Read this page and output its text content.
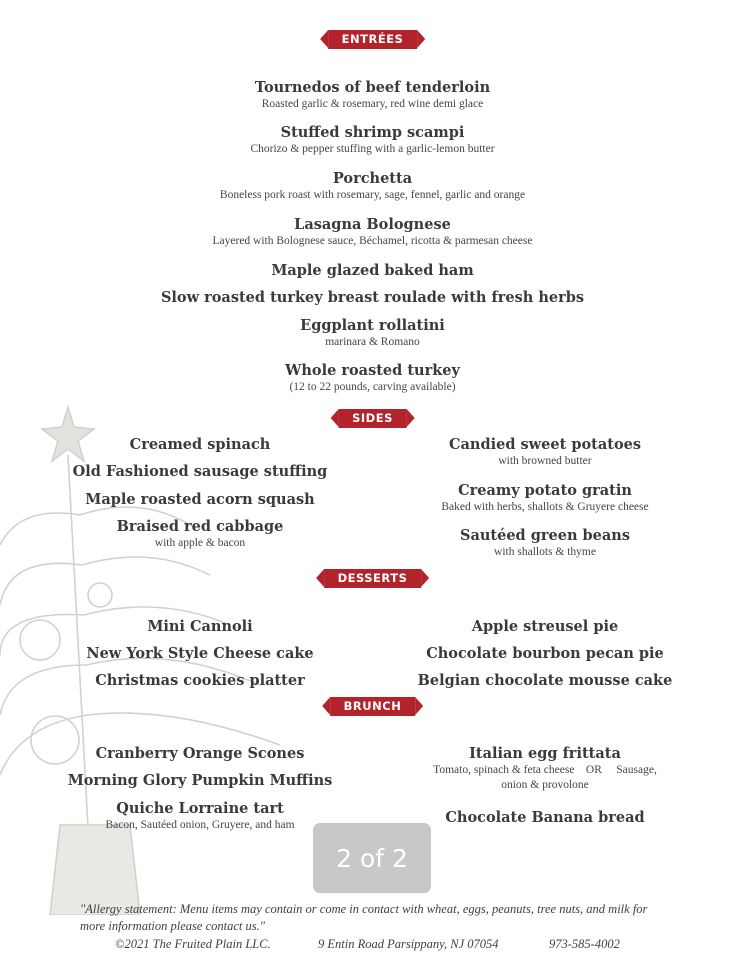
ENTRÉES
Tournedos of beef tenderloin
Roasted garlic & rosemary, red wine demi glace
Stuffed shrimp scampi
Chorizo & pepper stuffing with a garlic-lemon butter
Porchetta
Boneless pork roast with rosemary, sage, fennel, garlic and orange
Lasagna Bolognese
Layered with Bolognese sauce, Béchamel, ricotta & parmesan cheese
Maple glazed baked ham
Slow roasted turkey breast roulade with fresh herbs
Eggplant rollatini
marinara & Romano
Whole roasted turkey
(12 to 22 pounds, carving available)
SIDES
Creamed spinach
Old Fashioned sausage stuffing
Maple roasted acorn squash
Braised red cabbage
with apple & bacon
Candied sweet potatoes
with browned butter
Creamy potato gratin
Baked with herbs, shallots & Gruyere cheese
Sautéed green beans
with shallots & thyme
DESSERTS
Mini Cannoli
New York Style Cheese cake
Christmas cookies platter
Apple streusel pie
Chocolate bourbon pecan pie
Belgian chocolate mousse cake
BRUNCH
Cranberry Orange Scones
Morning Glory Pumpkin Muffins
Quiche Lorraine tart
Bacon, Sautéed onion, Gruyere, and ham
Italian egg frittata
Tomato, spinach & feta cheese    OR     Sausage,
onion & provolone
Chocolate Banana bread
2 of 2
"Allergy statement: Menu items may contain or come in contact with wheat, eggs, peanuts, tree nuts, and milk for
more information please contact us."
©2021 The Fruited Plain LLC.	9 Entin Road Parsippany, NJ 07054	973-585-4002
